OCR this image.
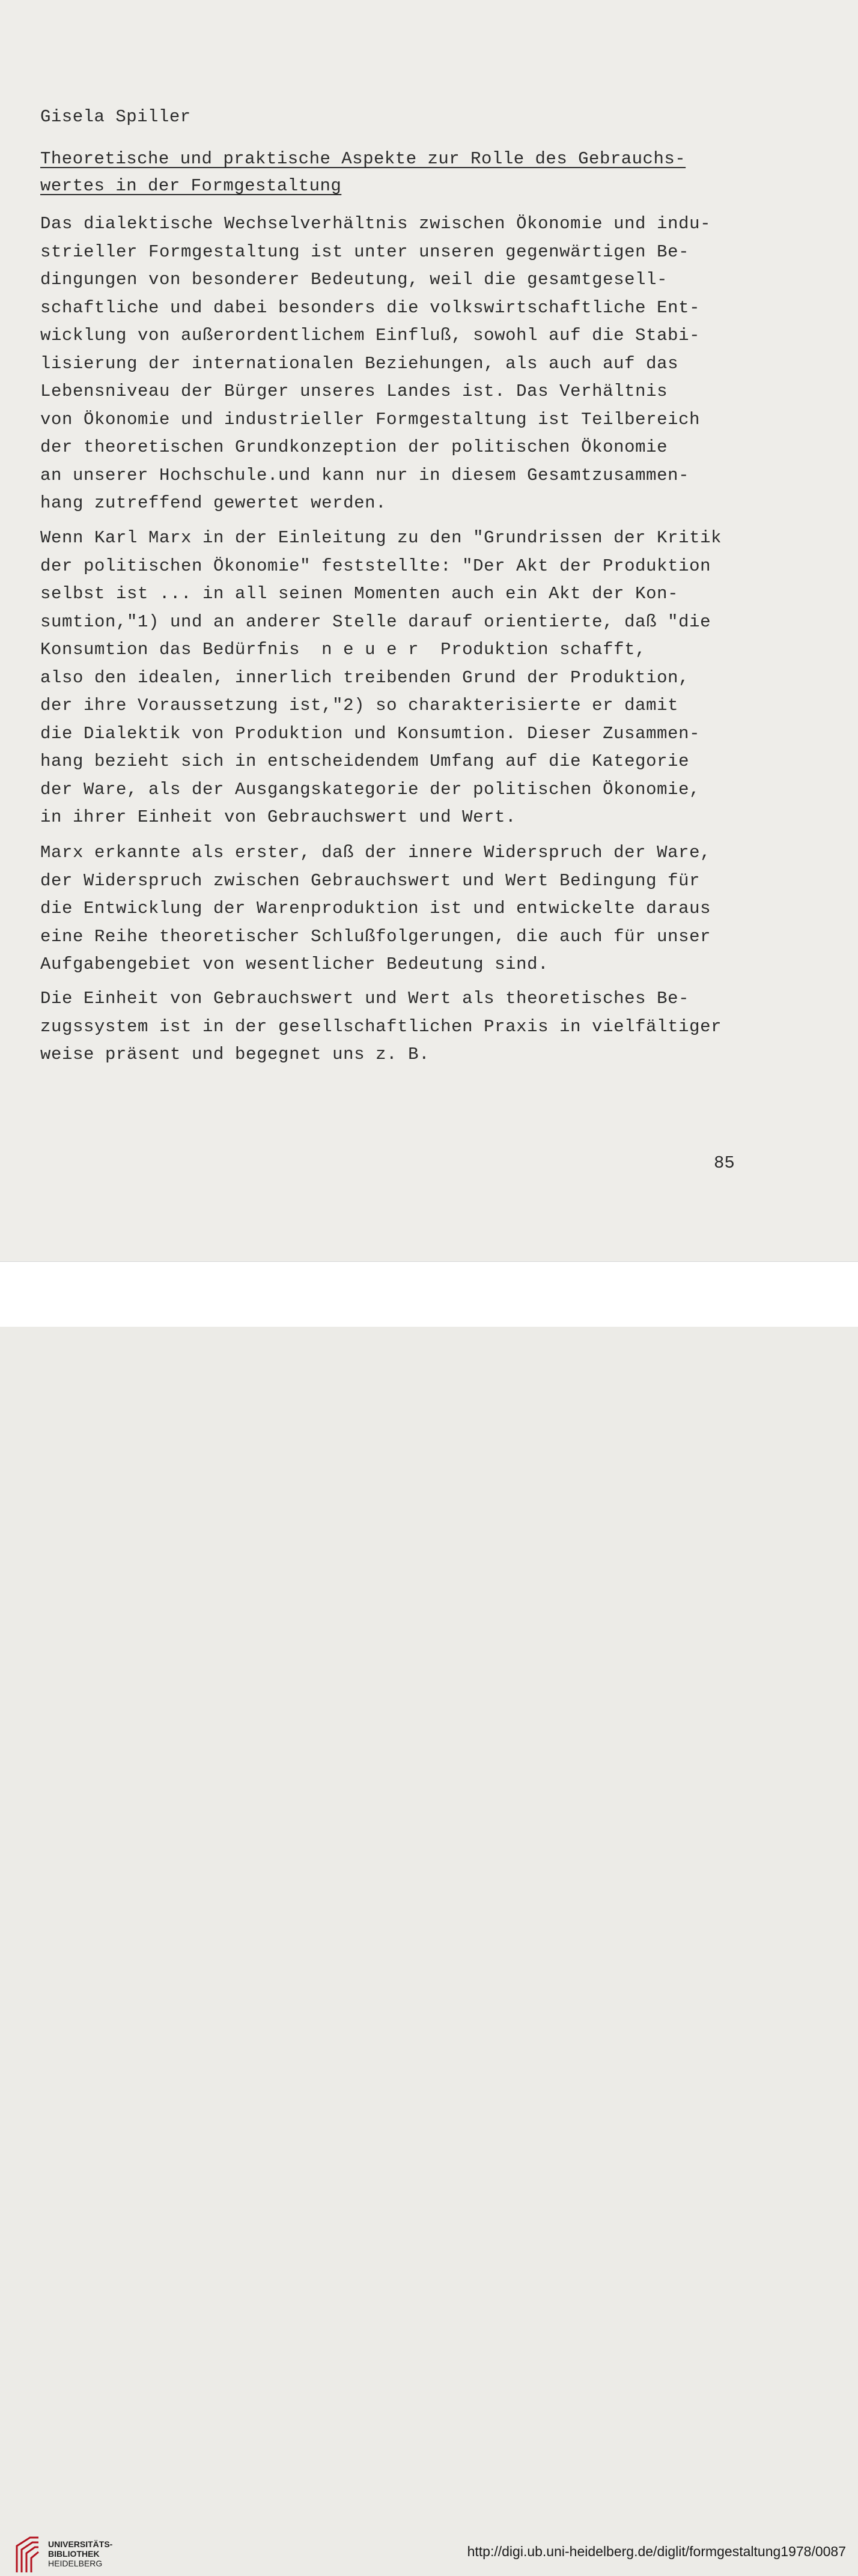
Gisela Spiller
Theoretische und praktische Aspekte zur Rolle des Gebrauchs-
wertes in der Formgestaltung
Das dialektische Wechselverhältnis zwischen Ökonomie und indu-
strieller Formgestaltung ist unter unseren gegenwärtigen Be-
dingungen von besonderer Bedeutung, weil die gesamtgesell-
schaftliche und dabei besonders die volkswirtschaftliche Ent-
wicklung von außerordentlichem Einfluß, sowohl auf die Stabi-
lisierung der internationalen Beziehungen, als auch auf das
Lebensniveau der Bürger unseres Landes ist. Das Verhältnis
von Ökonomie und industrieller Formgestaltung ist Teilbereich
der theoretischen Grundkonzeption der politischen Ökonomie
an unserer Hochschule.und kann nur in diesem Gesamtzusammen-
hang zutreffend gewertet werden.
Wenn Karl Marx in der Einleitung zu den "Grundrissen der Kritik
der politischen Ökonomie" feststellte: "Der Akt der Produktion
selbst ist ... in all seinen Momenten auch ein Akt der Kon-
sumtion,"1) und an anderer Stelle darauf orientierte, daß "die
Konsumtion das Bedürfnis  n e u e r  Produktion schafft,
also den idealen, innerlich treibenden Grund der Produktion,
der ihre Voraussetzung ist,"2) so charakterisierte er damit
die Dialektik von Produktion und Konsumtion. Dieser Zusammen-
hang bezieht sich in entscheidendem Umfang auf die Kategorie
der Ware, als der Ausgangskategorie der politischen Ökonomie,
in ihrer Einheit von Gebrauchswert und Wert.
Marx erkannte als erster, daß der innere Widerspruch der Ware,
der Widerspruch zwischen Gebrauchswert und Wert Bedingung für
die Entwicklung der Warenproduktion ist und entwickelte daraus
eine Reihe theoretischer Schlußfolgerungen, die auch für unser
Aufgabengebiet von wesentlicher Bedeutung sind.
Die Einheit von Gebrauchswert und Wert als theoretisches Be-
zugssystem ist in der gesellschaftlichen Praxis in vielfältiger
weise präsent und begegnet uns z. B.
85
UNIVERSITÄTS-
BIBLIOTHEK
HEIDELBERG
http://digi.ub.uni-heidelberg.de/diglit/formgestaltung1978/0087
